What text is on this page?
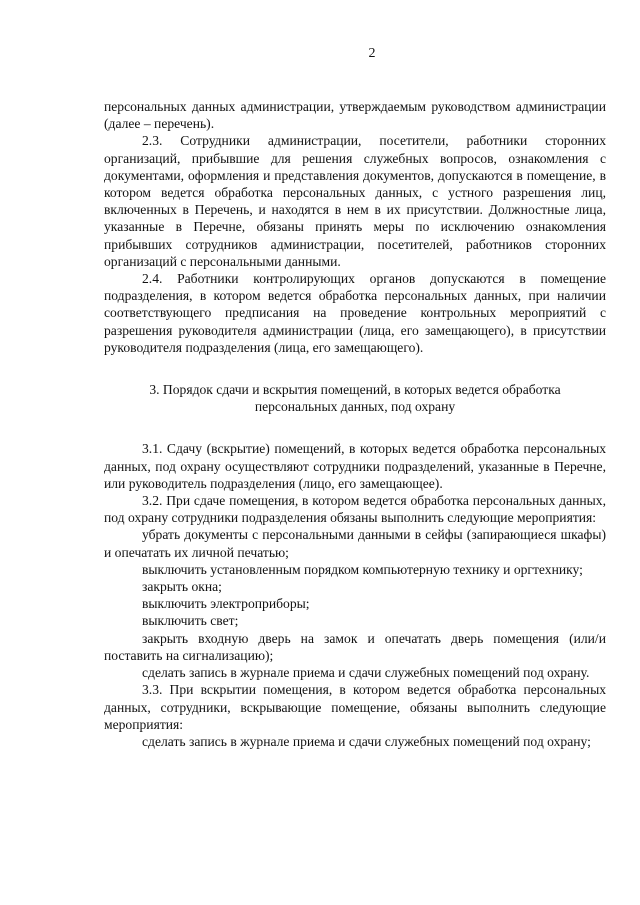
2

персональных данных администрации, утверждаемым руководством администрации (далее – перечень).

2.3. Сотрудники администрации, посетители, работники сторонних организаций, прибывшие для решения служебных вопросов, ознакомления с документами, оформления и представления документов, допускаются в помещение, в котором ведется обработка персональных данных, с устного разрешения лиц, включенных в Перечень, и находятся в нем в их присутствии. Должностные лица, указанные в Перечне, обязаны принять меры по исключению ознакомления прибывших сотрудников администрации, посетителей, работников сторонних организаций с персональными данными.

2.4. Работники контролирующих органов допускаются в помещение подразделения, в котором ведется обработка персональных данных, при наличии соответствующего предписания на проведение контрольных мероприятий с разрешения руководителя администрации (лица, его замещающего), в присутствии руководителя подразделения (лица, его замещающего).

3. Порядок сдачи и вскрытия помещений, в которых ведется обработка персональных данных, под охрану

3.1. Сдачу (вскрытие) помещений, в которых ведется обработка персональных данных, под охрану осуществляют сотрудники подразделений, указанные в Перечне, или руководитель подразделения (лицо, его замещающее).

3.2. При сдаче помещения, в котором ведется обработка персональных данных, под охрану сотрудники подразделения обязаны выполнить следующие мероприятия:

убрать документы с персональными данными в сейфы (запирающиеся шкафы) и опечатать их личной печатью;

выключить установленным порядком компьютерную технику и оргтехнику;

закрыть окна;

выключить электроприборы;

выключить свет;

закрыть входную дверь на замок и опечатать дверь помещения (или/и поставить на сигнализацию);

сделать запись в журнале приема и сдачи служебных помещений под охрану.

3.3. При вскрытии помещения, в котором ведется обработка персональных данных, сотрудники, вскрывающие помещение, обязаны выполнить следующие мероприятия:

сделать запись в журнале приема и сдачи служебных помещений под охрану;
